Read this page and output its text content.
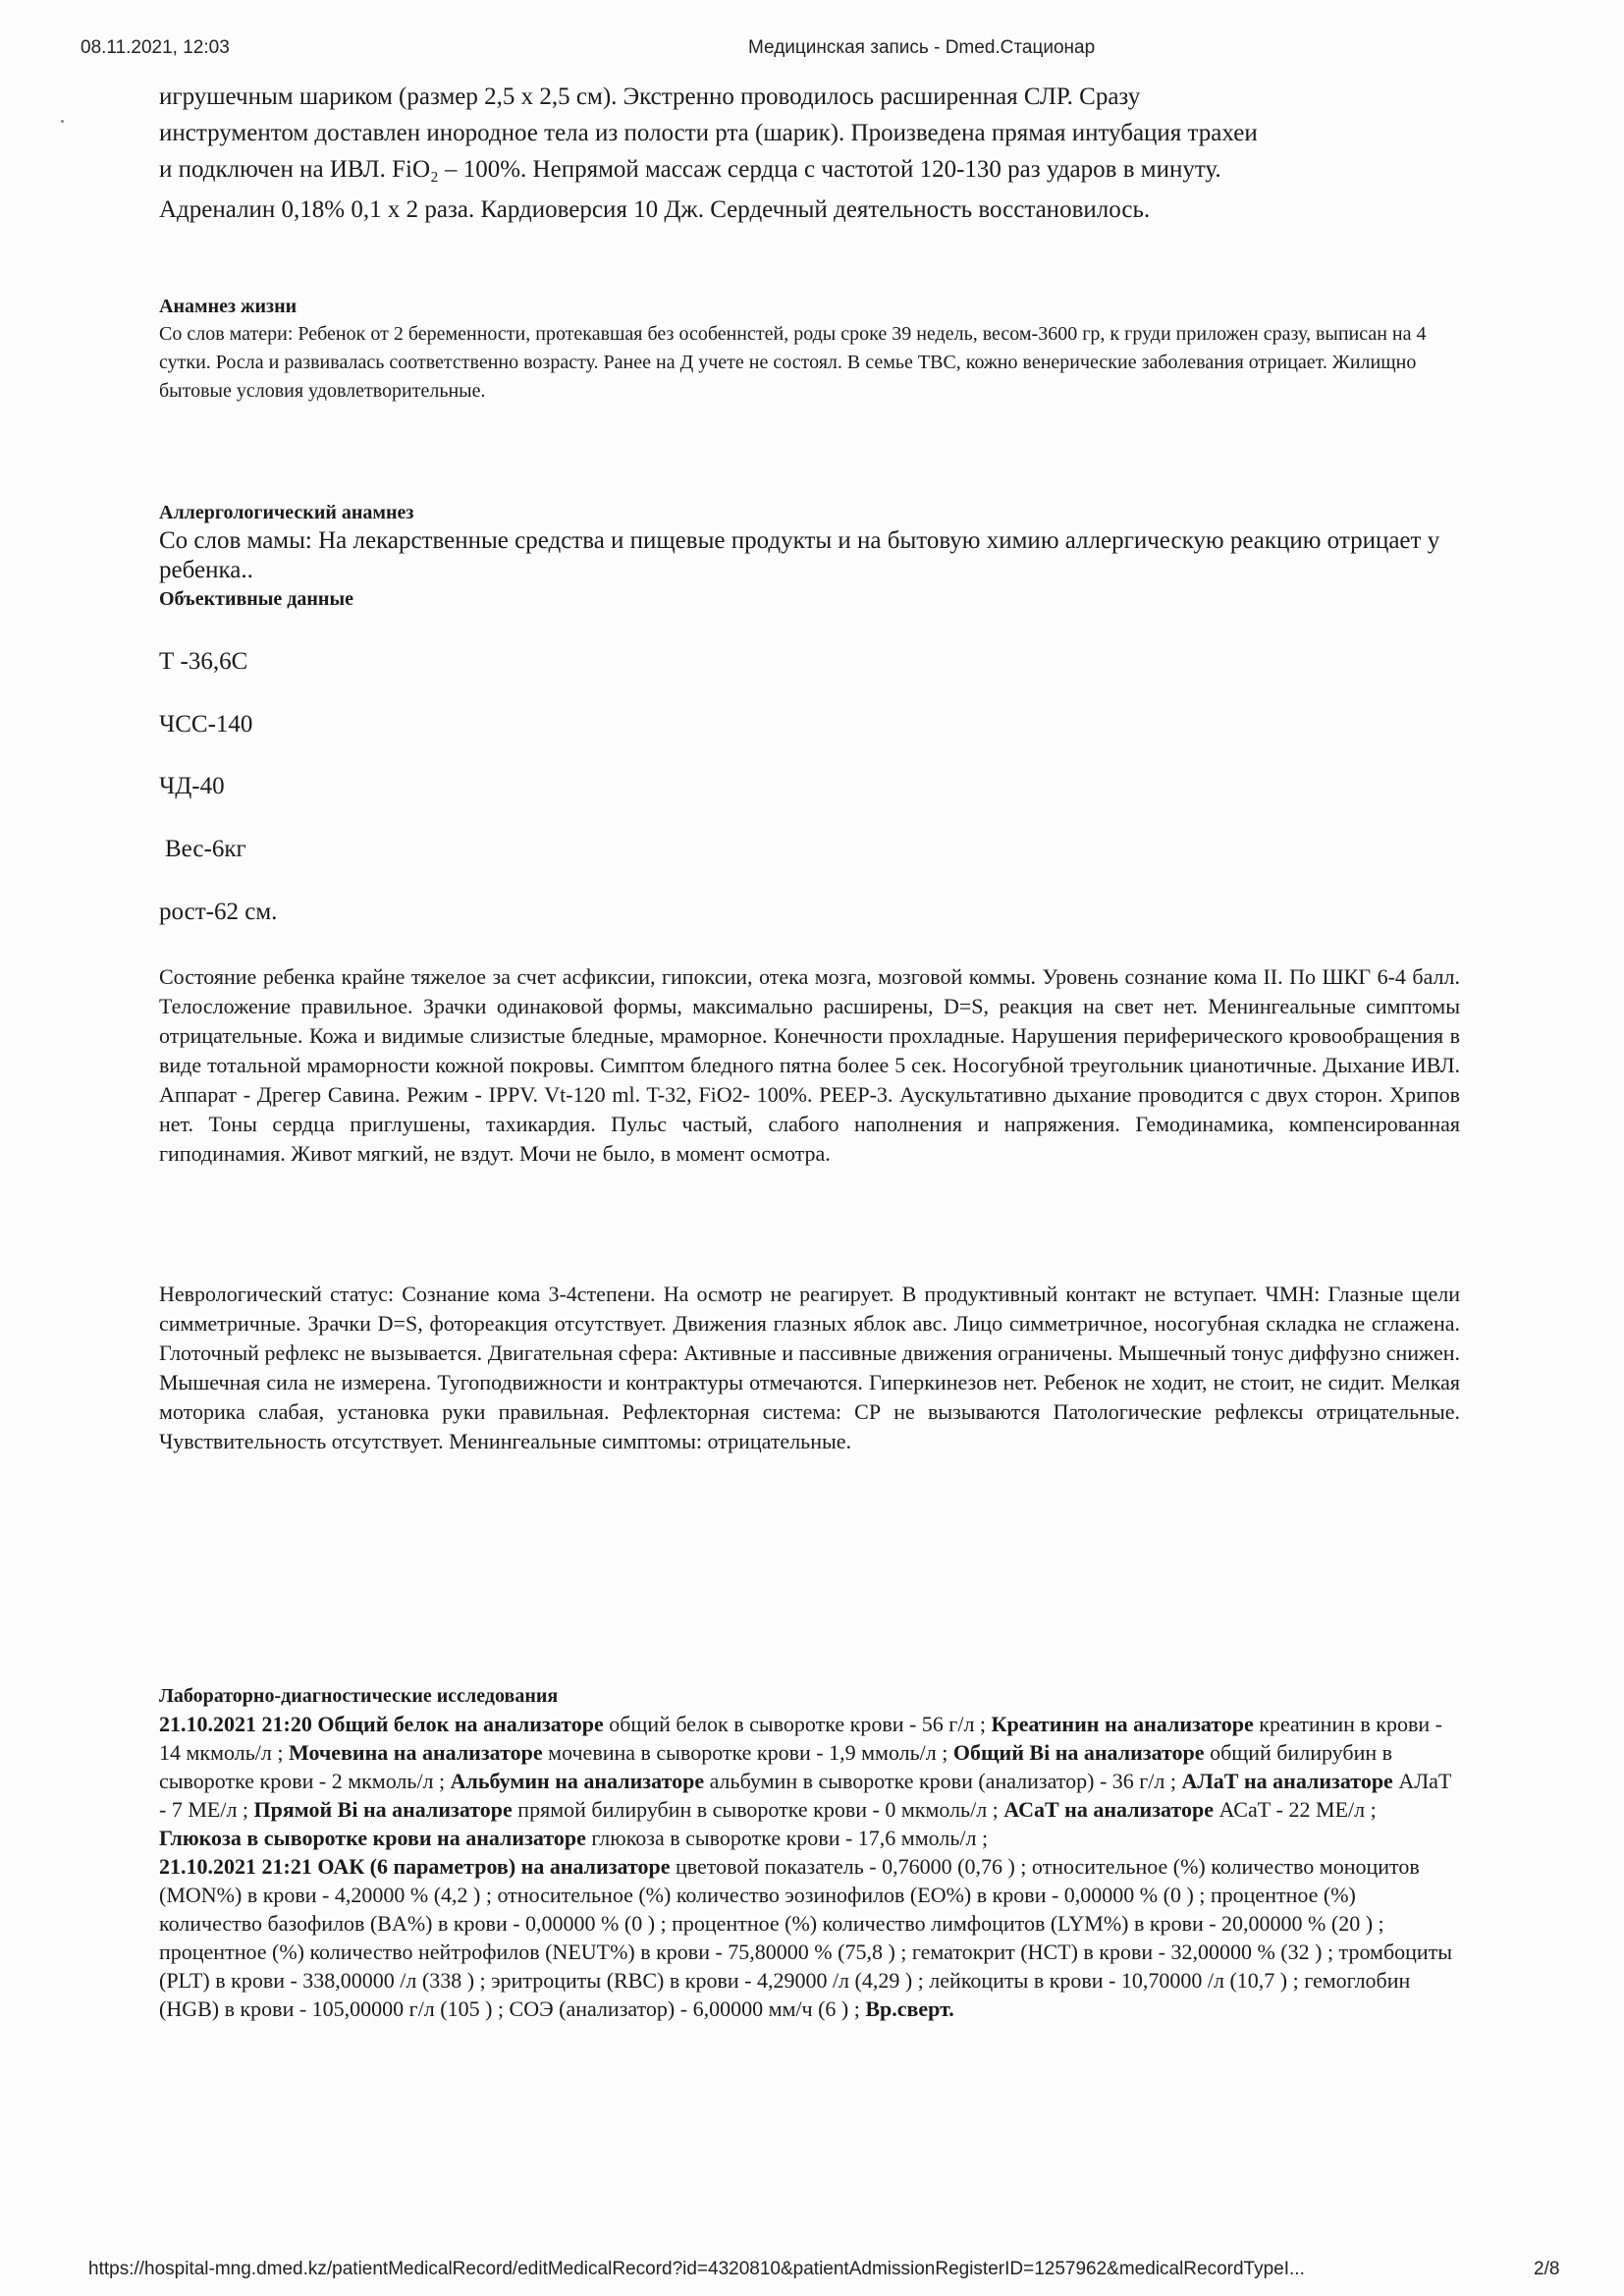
08.11.2021, 12:03	Медицинская запись - Dmed.Стационар

игрушечным шариком (размер 2,5 х 2,5 см). Экстренно проводилось расширенная СЛР. Сразу

инструментом доставлен инородное тела из полости рта (шарик). Произведена прямая интубация трахеи

и подключен на ИВЛ. FiO₂ – 100%. Непрямой массаж сердца с частотой 120-130 раз ударов в минуту.

Адреналин 0,18% 0,1 х 2 раза. Кардиоверсия 10 Дж. Сердечный деятельность восстановилось.

Анамнез жизни

Со слов матери: Ребенок от 2 беременности, протекавшая без особеннстей, роды сроке 39 недель, весом-3600 гр, к груди приложен сразу, выписан на 4 сутки. Росла и развивалась соответственно возрасту. Ранее на Д учете не состоял. В семье ТВС, кожно венерические заболевания отрицает. Жилищно бытовые условия удовлетворительные.

Аллергологический анамнез

Со слов мамы: На лекарственные средства и пищевые продукты и на бытовую химию аллергическую реакцию отрицает у ребенка..

Объективные данные

Т -36,6С

ЧСС-140

ЧД-40

Вес-6кг

рост-62 см.

Состояние ребенка крайне тяжелое за счет асфиксии, гипоксии, отека мозга, мозговой коммы. Уровень сознание кома II. По ШКГ 6-4 балл. Телосложение правильное. Зрачки одинаковой формы, максимально расширены, D=S, реакция на свет нет. Менингеальные симптомы отрицательные. Кожа и видимые слизистые бледные, мраморное. Конечности прохладные. Нарушения периферического кровообращения в виде тотальной мраморности кожной покровы. Симптом бледного пятна более 5 сек. Носогубной треугольник цианотичные. Дыхание ИВЛ. Аппарат - Дрегер Савина. Режим - IPPV. Vt-120 ml. T-32, FiO2- 100%. PEEP-3. Аускультативно дыхание проводится с двух сторон. Хрипов нет. Тоны сердца приглушены, тахикардия. Пульс частый, слабого наполнения и напряжения. Гемодинамика, компенсированная гиподинамия. Живот мягкий, не вздут. Мочи не было, в момент осмотра.

Неврологический статус: Сознание кома 3-4степени. На осмотр не реагирует. В продуктивный контакт не вступает. ЧМН: Глазные щели симметричные. Зрачки D=S, фотореакция отсутствует. Движения глазных яблок авс. Лицо симметричное, носогубная складка не сглажена. Глоточный рефлекс не вызывается. Двигательная сфера: Активные и пассивные движения ограничены. Мышечный тонус диффузно снижен. Мышечная сила не измерена. Тугоподвижности и контрактуры отмечаются. Гиперкинезов нет. Ребенок не ходит, не стоит, не сидит. Мелкая моторика слабая, установка руки правильная. Рефлекторная система: СР не вызываются Патологические рефлексы отрицательные. Чувствительность отсутствует. Менингеальные симптомы: отрицательные.

Лабораторно-диагностические исследования

21.10.2021 21:20 Общий белок на анализаторе общий белок в сыворотке крови - 56 г/л ; Креатинин на анализаторе креатинин в крови - 14 мкмоль/л ; Мочевина на анализаторе мочевина в сыворотке крови - 1,9 ммоль/л ; Общий Bi на анализаторе общий билирубин в сыворотке крови - 2 мкмоль/л ; Альбумин на анализаторе альбумин в сыворотке крови (анализатор) - 36 г/л ; АЛаТ на анализаторе АЛаТ - 7 МЕ/л ; Прямой Bi на анализаторе прямой билирубин в сыворотке крови - 0 мкмоль/л ; АСаТ на анализаторе АСаТ - 22 МЕ/л ; Глюкоза в сыворотке крови на анализаторе глюкоза в сыворотке крови - 17,6 ммоль/л ;

21.10.2021 21:21 ОАК (6 параметров) на анализаторе цветовой показатель - 0,76000 (0,76 ) ; относительное (%) количество моноцитов (MON%) в крови - 4,20000 % (4,2 ) ; относительное (%) количество эозинофилов (EO%) в крови - 0,00000 % (0 ) ; процентное (%) количество базофилов (BA%) в крови - 0,00000 % (0 ) ; процентное (%) количество лимфоцитов (LYM%) в крови - 20,00000 % (20 ) ; процентное (%) количество нейтрофилов (NEUT%) в крови - 75,80000 % (75,8 ) ; гематокрит (HCT) в крови - 32,00000 % (32 ) ; тромбоциты (PLT) в крови - 338,00000 /л (338 ) ; эритроциты (RBC) в крови - 4,29000 /л (4,29 ) ; лейкоциты в крови - 10,70000 /л (10,7 ) ; гемоглобин (HGB) в крови - 105,00000 г/л (105 ) ; СОЭ (анализатор) - 6,00000 мм/ч (6 ) ; Вр.сверт.

https://hospital-mng.dmed.kz/patientMedicalRecord/editMedicalRecord?id=4320810&patientAdmissionRegisterID=1257962&medicalRecordTypeI...	2/8
